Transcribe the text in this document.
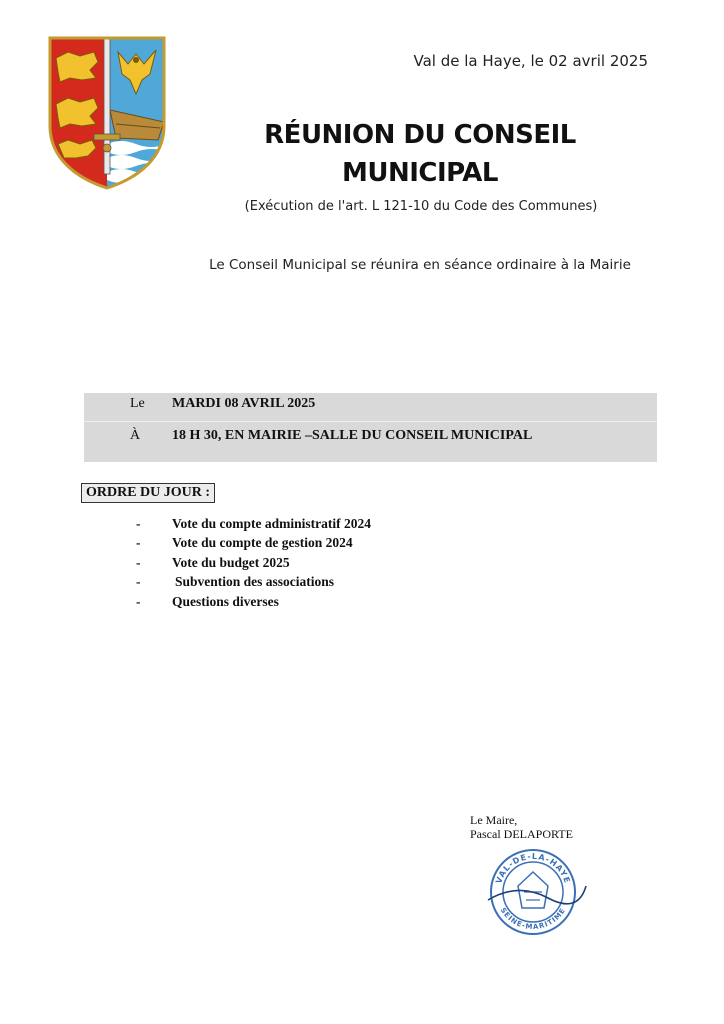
Val de la Haye, le 02 avril 2025
RÉUNION DU CONSEIL
MUNICIPAL
(Exécution de l'art. L 121-10 du Code des Communes)
Le Conseil Municipal se réunira en séance ordinaire à la Mairie
Le MARDI 08 AVRIL 2025
À 18 H 30, EN MAIRIE –SALLE DU CONSEIL MUNICIPAL
ORDRE DU JOUR :
- Vote du compte administratif 2024
- Vote du compte de gestion 2024
- Vote du budget 2025
-	Subvention des associations
- Questions diverses
Le Maire,
Pascal DELAPORTE
VAL-DE-LA-HAYE
SEINE-MARITIME
